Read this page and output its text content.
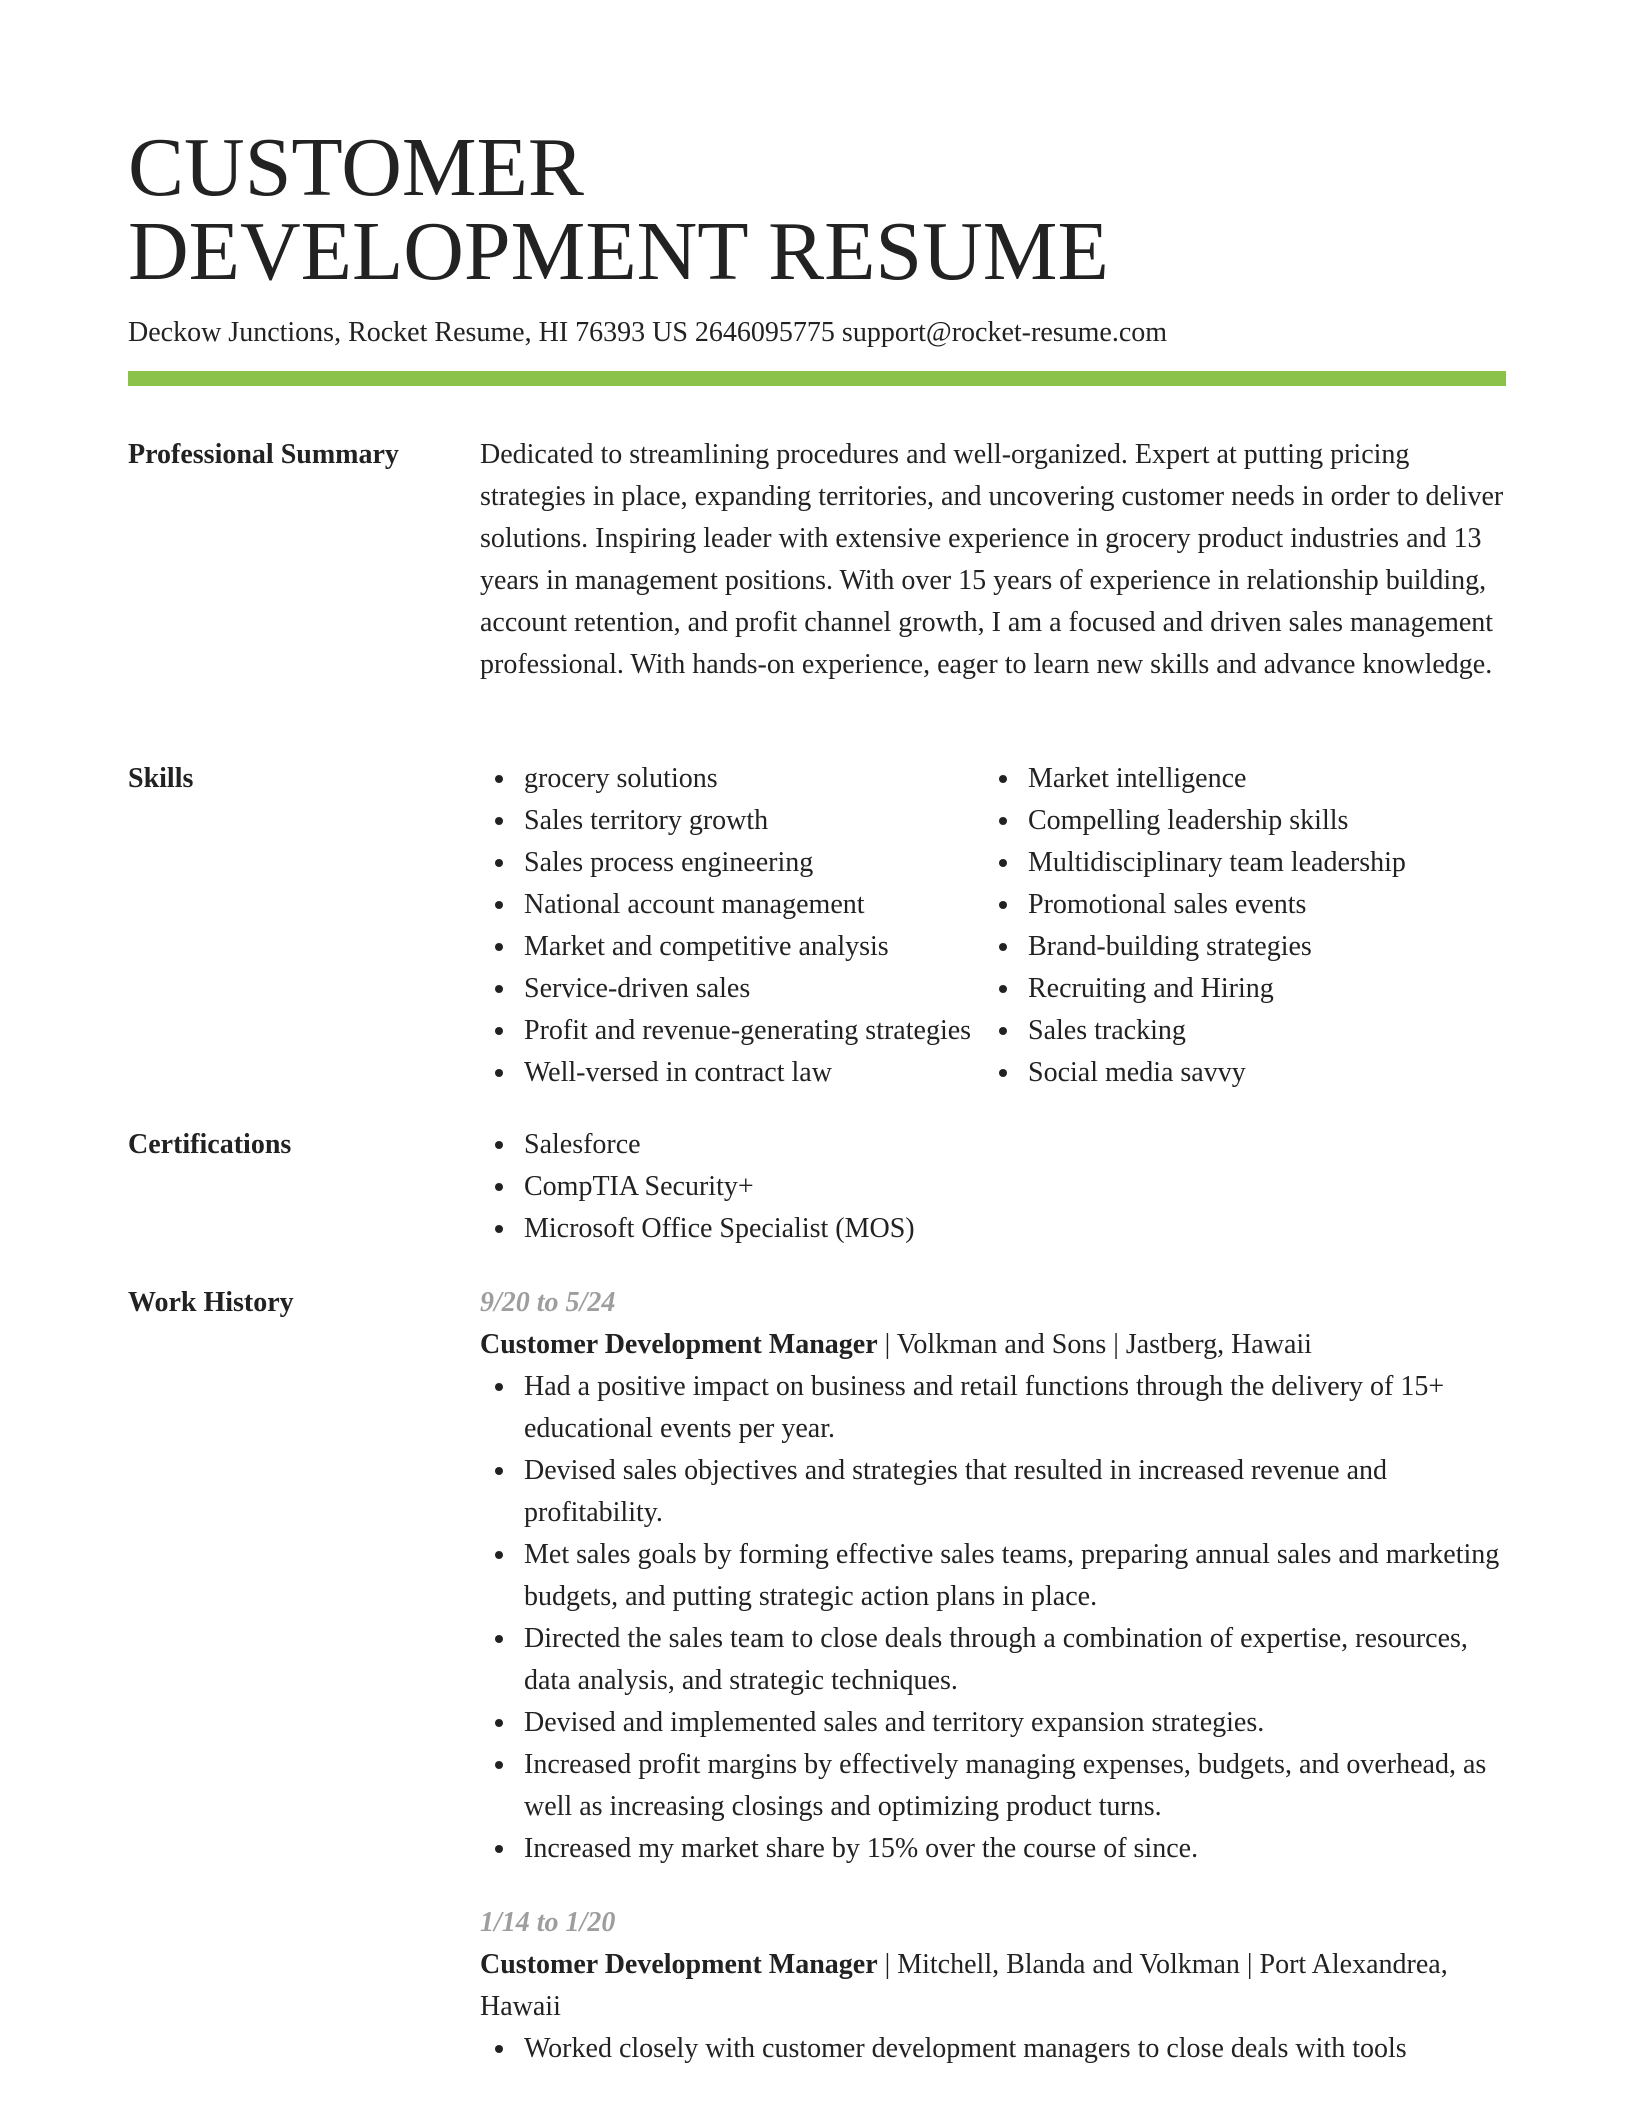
CUSTOMER
DEVELOPMENT RESUME
Deckow Junctions, Rocket Resume, HI 76393 US 2646095775 support@rocket-resume.com
Professional Summary	Dedicated to streamlining procedures and well-organized. Expert at putting pricing strategies in place, expanding territories, and uncovering customer needs in order to deliver solutions. Inspiring leader with extensive experience in grocery product industries and 13 years in management positions. With over 15 years of experience in relationship building, account retention, and profit channel growth, I am a focused and driven sales management professional. With hands-on experience, eager to learn new skills and advance knowledge.

Skills	grocery solutions
Sales territory growth
Sales process engineering
National account management
Market and competitive analysis
Service-driven sales
Profit and revenue-generating strategies
Well-versed in contract law
Market intelligence
Compelling leadership skills
Multidisciplinary team leadership
Promotional sales events
Brand-building strategies
Recruiting and Hiring
Sales tracking
Social media savvy
Certifications	Salesforce
CompTIA Security+
Microsoft Office Specialist (MOS)
Work History	9/20 to 5/24
Customer Development Manager | Volkman and Sons | Jastberg, Hawaii
Had a positive impact on business and retail functions through the delivery of 15+ educational events per year.
Devised sales objectives and strategies that resulted in increased revenue and profitability.
Met sales goals by forming effective sales teams, preparing annual sales and marketing budgets, and putting strategic action plans in place.
Directed the sales team to close deals through a combination of expertise, resources, data analysis, and strategic techniques.
Devised and implemented sales and territory expansion strategies.
Increased profit margins by effectively managing expenses, budgets, and overhead, as well as increasing closings and optimizing product turns.
Increased my market share by 15% over the course of since.
1/14 to 1/20
Customer Development Manager | Mitchell, Blanda and Volkman | Port Alexandrea, Hawaii
Worked closely with customer development managers to close deals with tools
